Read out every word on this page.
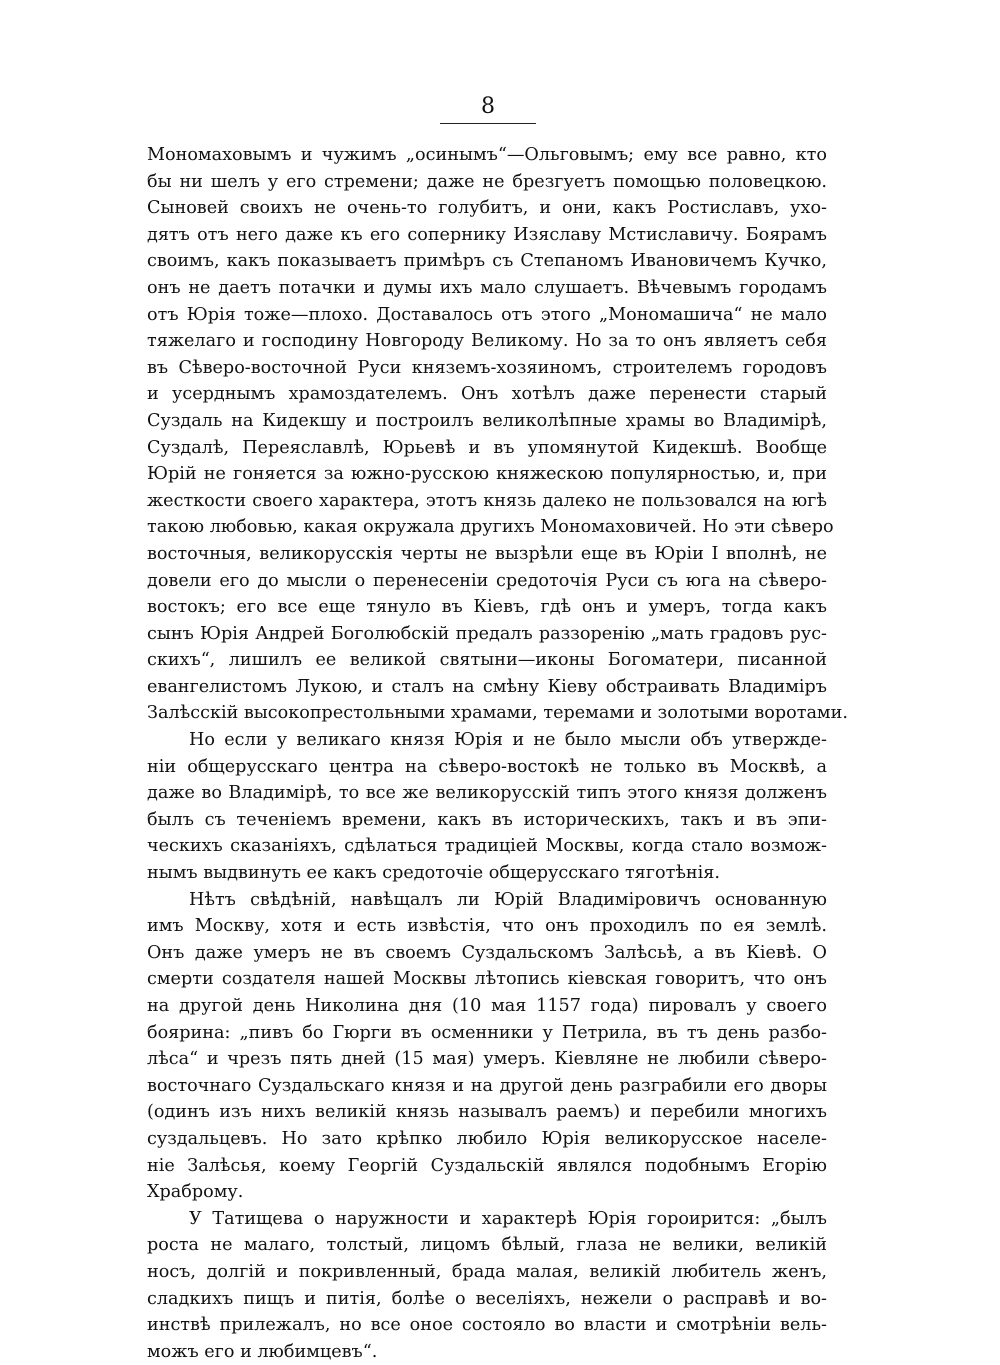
8
Мономаховымъ и чужимъ „осинымъ“—Ольговымъ; ему все равно, кто
бы ни шелъ у его стремени; даже не брезгуетъ помощью половецкою.
Сыновей своихъ не очень-то голубитъ, и они, какъ Ростиславъ, ухо-
дятъ отъ него даже къ его сопернику Изяславу Мстиславичу. Боярамъ
своимъ, какъ показываетъ примѣръ съ Степаномъ Ивановичемъ Кучко,
онъ не даетъ потачки и думы ихъ мало слушаетъ. Вѣчевымъ городамъ
отъ Юрія тоже—плохо. Доставалось отъ этого „Мономашича“ не мало
тяжелаго и господину Новгороду Великому. Но за то онъ являетъ себя
въ Сѣверо-восточной Руси княземъ-хозяиномъ, строителемъ городовъ
и усерднымъ храмоздателемъ. Онъ хотѣлъ даже перенести старый
Суздаль на Кидекшу и построилъ великолѣпные храмы во Владимірѣ,
Суздалѣ, Переяславлѣ, Юрьевѣ и въ упомянутой Кидекшѣ. Вообще
Юрій не гоняется за южно-русскою княжескою популярностью, и, при
жесткости своего характера, этотъ князь далеко не пользовался на югѣ
такою любовью, какая окружала другихъ Мономаховичей. Но эти сѣверо
восточныя, великорусскія черты не вызрѣли еще въ Юріи I вполнѣ, не
довели его до мысли о перенесеніи средоточія Руси съ юга на сѣверо-
востокъ; его все еще тянуло въ Кіевъ, гдѣ онъ и умеръ, тогда какъ
сынъ Юрія Андрей Боголюбскій предалъ раззоренію „мать градовъ рус-
скихъ“, лишилъ ее великой святыни—иконы Богоматери, писанной
евангелистомъ Лукою, и сталъ на смѣну Кіеву обстраивать Владиміръ
Залѣсскій высокопрестольными храмами, теремами и золотыми воротами.
Но если у великаго князя Юрія и не было мысли объ утвержде-
ніи общерусскаго центра на сѣверо-востокѣ не только въ Москвѣ, а
даже во Владимірѣ, то все же великорусскій типъ этого князя долженъ
былъ съ теченіемъ времени, какъ въ историческихъ, такъ и въ эпи-
ческихъ сказаніяхъ, сдѣлаться традиціей Москвы, когда стало возмож-
нымъ выдвинуть ее какъ средоточіе общерусскаго тяготѣнія.
Нѣтъ свѣдѣній, навѣщалъ ли Юрій Владиміровичъ основанную
имъ Москву, хотя и есть извѣстія, что онъ проходилъ по ея землѣ.
Онъ даже умеръ не въ своемъ Суздальскомъ Залѣсьѣ, а въ Кіевѣ. О
смерти создателя нашей Москвы лѣтопись кіевская говоритъ, что онъ
на другой день Николина дня (10 мая 1157 года) пировалъ у своего
боярина: „пивъ бо Гюрги въ осменники у Петрила, въ тъ день разбо-
лѣса“ и чрезъ пять дней (15 мая) умеръ. Кіевляне не любили сѣверо-
восточнаго Суздальскаго князя и на другой день разграбили его дворы
(одинъ изъ нихъ великій князь называлъ раемъ) и перебили многихъ
суздальцевъ. Но зато крѣпко любило Юрія великорусское населе-
ніе Залѣсья, коему Георгій Суздальскій являлся подобнымъ Егорію
Храброму.
У Татищева о наружности и характерѣ Юрія гороирится: „былъ
роста не малаго, толстый, лицомъ бѣлый, глаза не велики, великій
носъ, долгій и покривленный, брада малая, великій любитель женъ,
сладкихъ пищъ и питія, болѣе о веселіяхъ, нежели о расправѣ и во-
инствѣ прилежалъ, но все оное состояло во власти и смотрѣніи вель-
можъ его и любимцевъ“.
